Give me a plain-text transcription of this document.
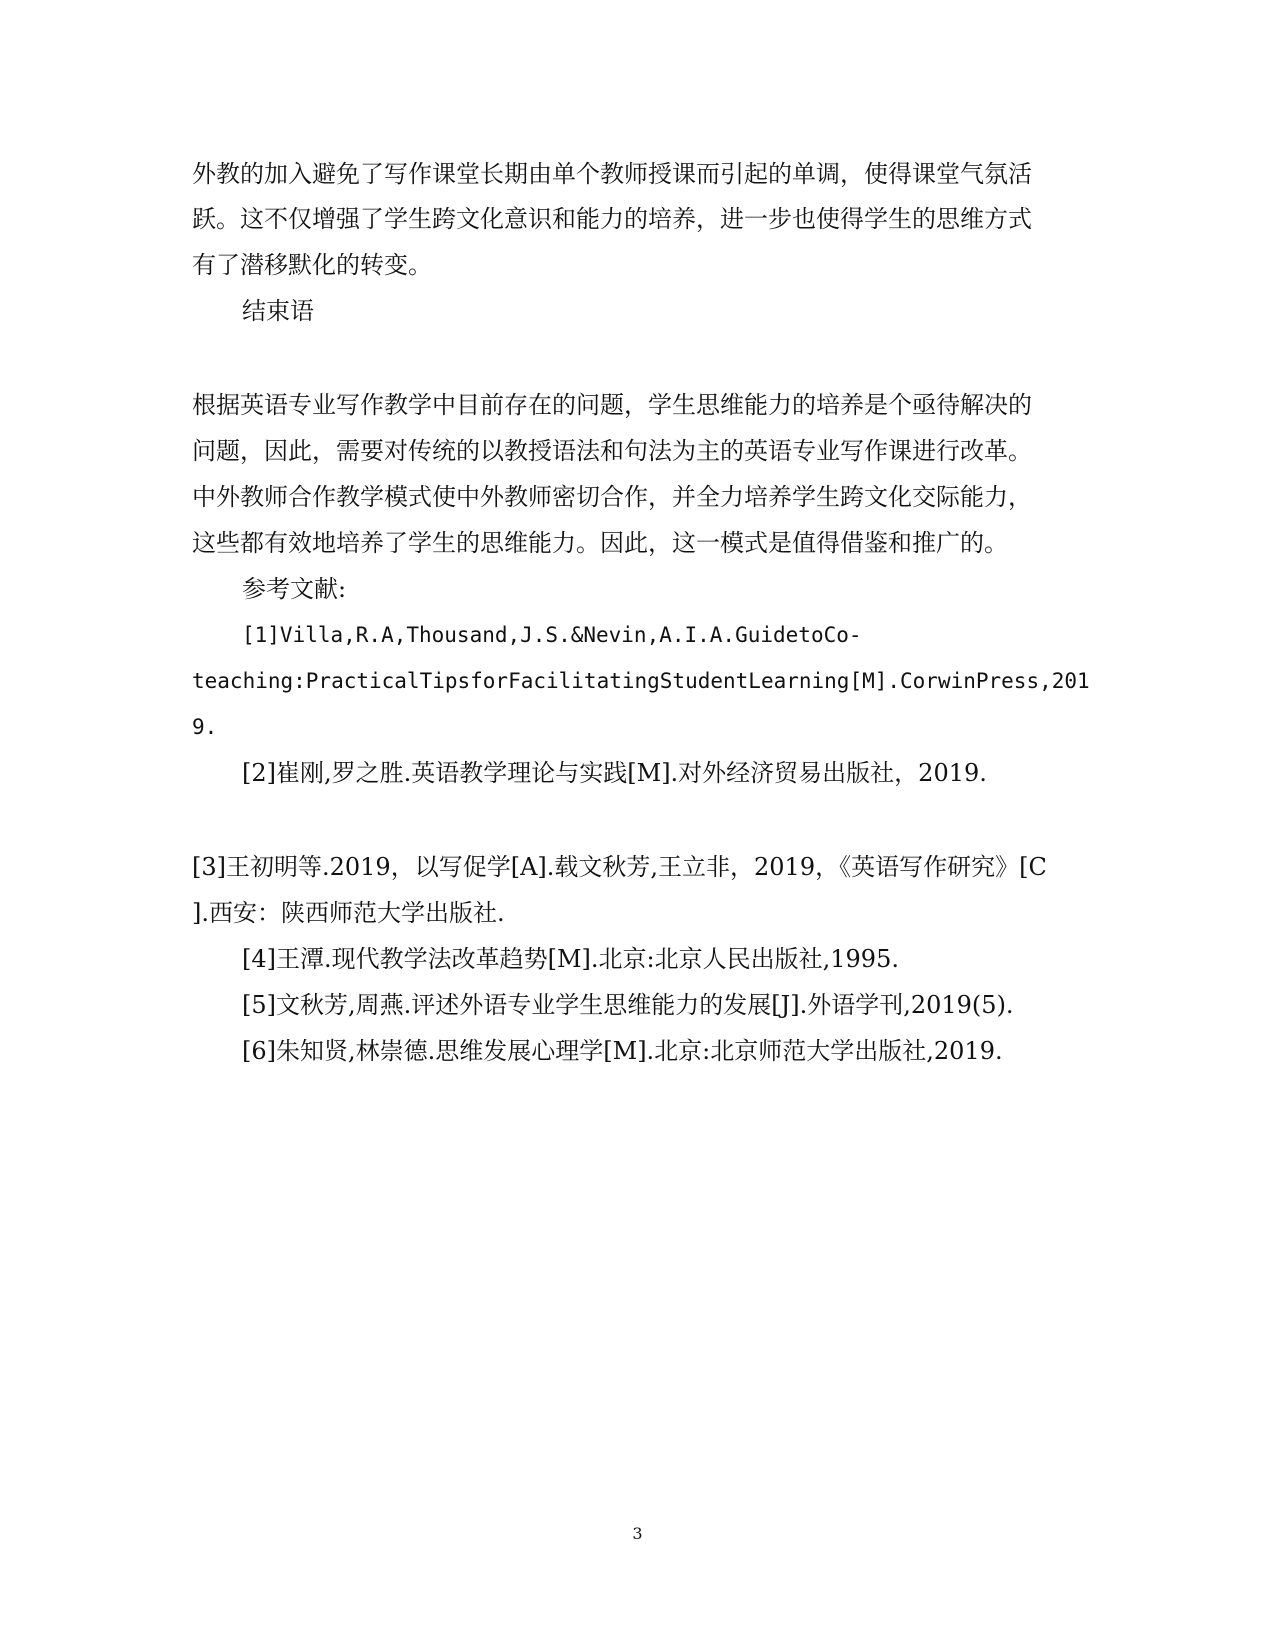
外教的加入避免了写作课堂长期由单个教师授课而引起的单调，使得课堂气氛活
跃。这不仅增强了学生跨文化意识和能力的培养，进一步也使得学生的思维方式
有了潜移默化的转变。
结束语
根据英语专业写作教学中目前存在的问题，学生思维能力的培养是个亟待解决的
问题，因此，需要对传统的以教授语法和句法为主的英语专业写作课进行改革。
中外教师合作教学模式使中外教师密切合作，并全力培养学生跨文化交际能力，
这些都有效地培养了学生的思维能力。因此，这一模式是值得借鉴和推广的。
参考文献:
[1]Villa,R.A,Thousand,J.S.&Nevin,A.I.A.GuidetoCo-
teaching:PracticalTipsforFacilitatingStudentLearning[M].CorwinPress,201
9.
[2]崔刚,罗之胜.英语教学理论与实践[M].对外经济贸易出版社，2019.
[3]王初明等.2019，以写促学[A].载文秋芳,王立非，2019，《英语写作研究》[C
].西安：陕西师范大学出版社.
[4]王潭.现代教学法改革趋势[M].北京:北京人民出版社,1995.
[5]文秋芳,周燕.评述外语专业学生思维能力的发展[J].外语学刊,2019(5).
[6]朱知贤,林崇德.思维发展心理学[M].北京:北京师范大学出版社,2019.
3
